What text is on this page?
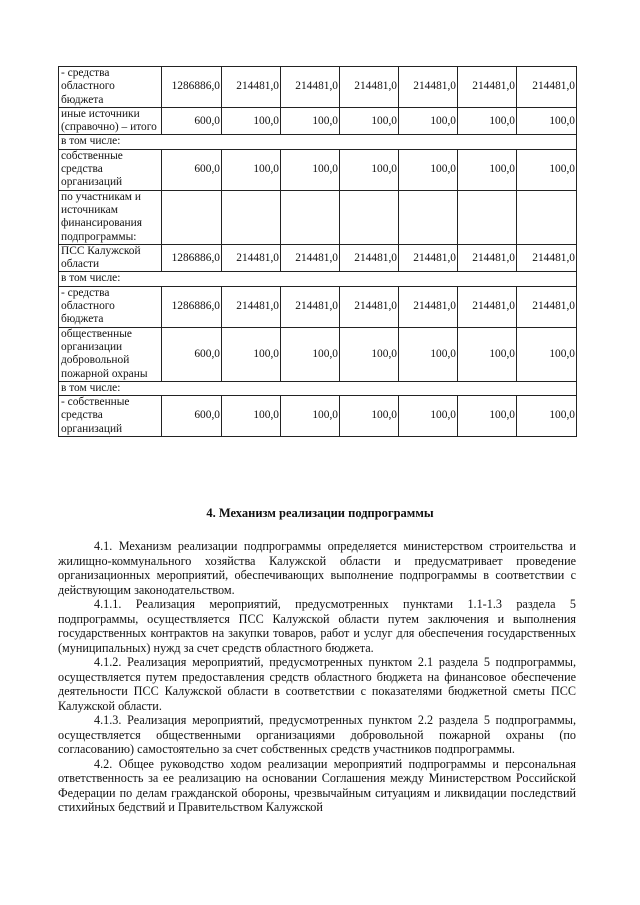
- средства областного бюджета	1286886,0	214481,0	214481,0	214481,0	214481,0	214481,0	214481,0
иные источники (справочно) – итого	600,0	100,0	100,0	100,0	100,0	100,0	100,0
в том числе:							
собственные средства организаций	600,0	100,0	100,0	100,0	100,0	100,0	100,0
по участникам и источникам финансирования подпрограммы:							
ПСС Калужской области	1286886,0	214481,0	214481,0	214481,0	214481,0	214481,0	214481,0
в том числе:							
- средства областного бюджета	1286886,0	214481,0	214481,0	214481,0	214481,0	214481,0	214481,0
общественные организации добровольной пожарной охраны	600,0	100,0	100,0	100,0	100,0	100,0	100,0
в том числе:							
- собственные средства организаций	600,0	100,0	100,0	100,0	100,0	100,0	100,0
4. Механизм реализации подпрограммы

4.1. Механизм реализации подпрограммы определяется министерством строительства и жилищно-коммунального хозяйства Калужской области и предусматривает проведение организационных мероприятий, обеспечивающих выполнение подпрограммы в соответствии с действующим законодательством.

4.1.1. Реализация мероприятий, предусмотренных пунктами 1.1-1.3 раздела 5 подпрограммы, осуществляется ПСС Калужской области путем заключения и выполнения государственных контрактов на закупки товаров, работ и услуг для обеспечения государственных (муниципальных) нужд за счет средств областного бюджета.

4.1.2. Реализация мероприятий, предусмотренных пунктом 2.1 раздела 5 подпрограммы, осуществляется путем предоставления средств областного бюджета на финансовое обеспечение деятельности ПСС Калужской области в соответствии с показателями бюджетной сметы ПСС Калужской области.

4.1.3. Реализация мероприятий, предусмотренных пунктом 2.2 раздела 5 подпрограммы, осуществляется общественными организациями добровольной пожарной охраны (по согласованию) самостоятельно за счет собственных средств участников подпрограммы.

4.2. Общее руководство ходом реализации мероприятий подпрограммы и персональная ответственность за ее реализацию на основании Соглашения между Министерством Российской Федерации по делам гражданской обороны, чрезвычайным ситуациям и ликвидации последствий стихийных бедствий и Правительством Калужской
